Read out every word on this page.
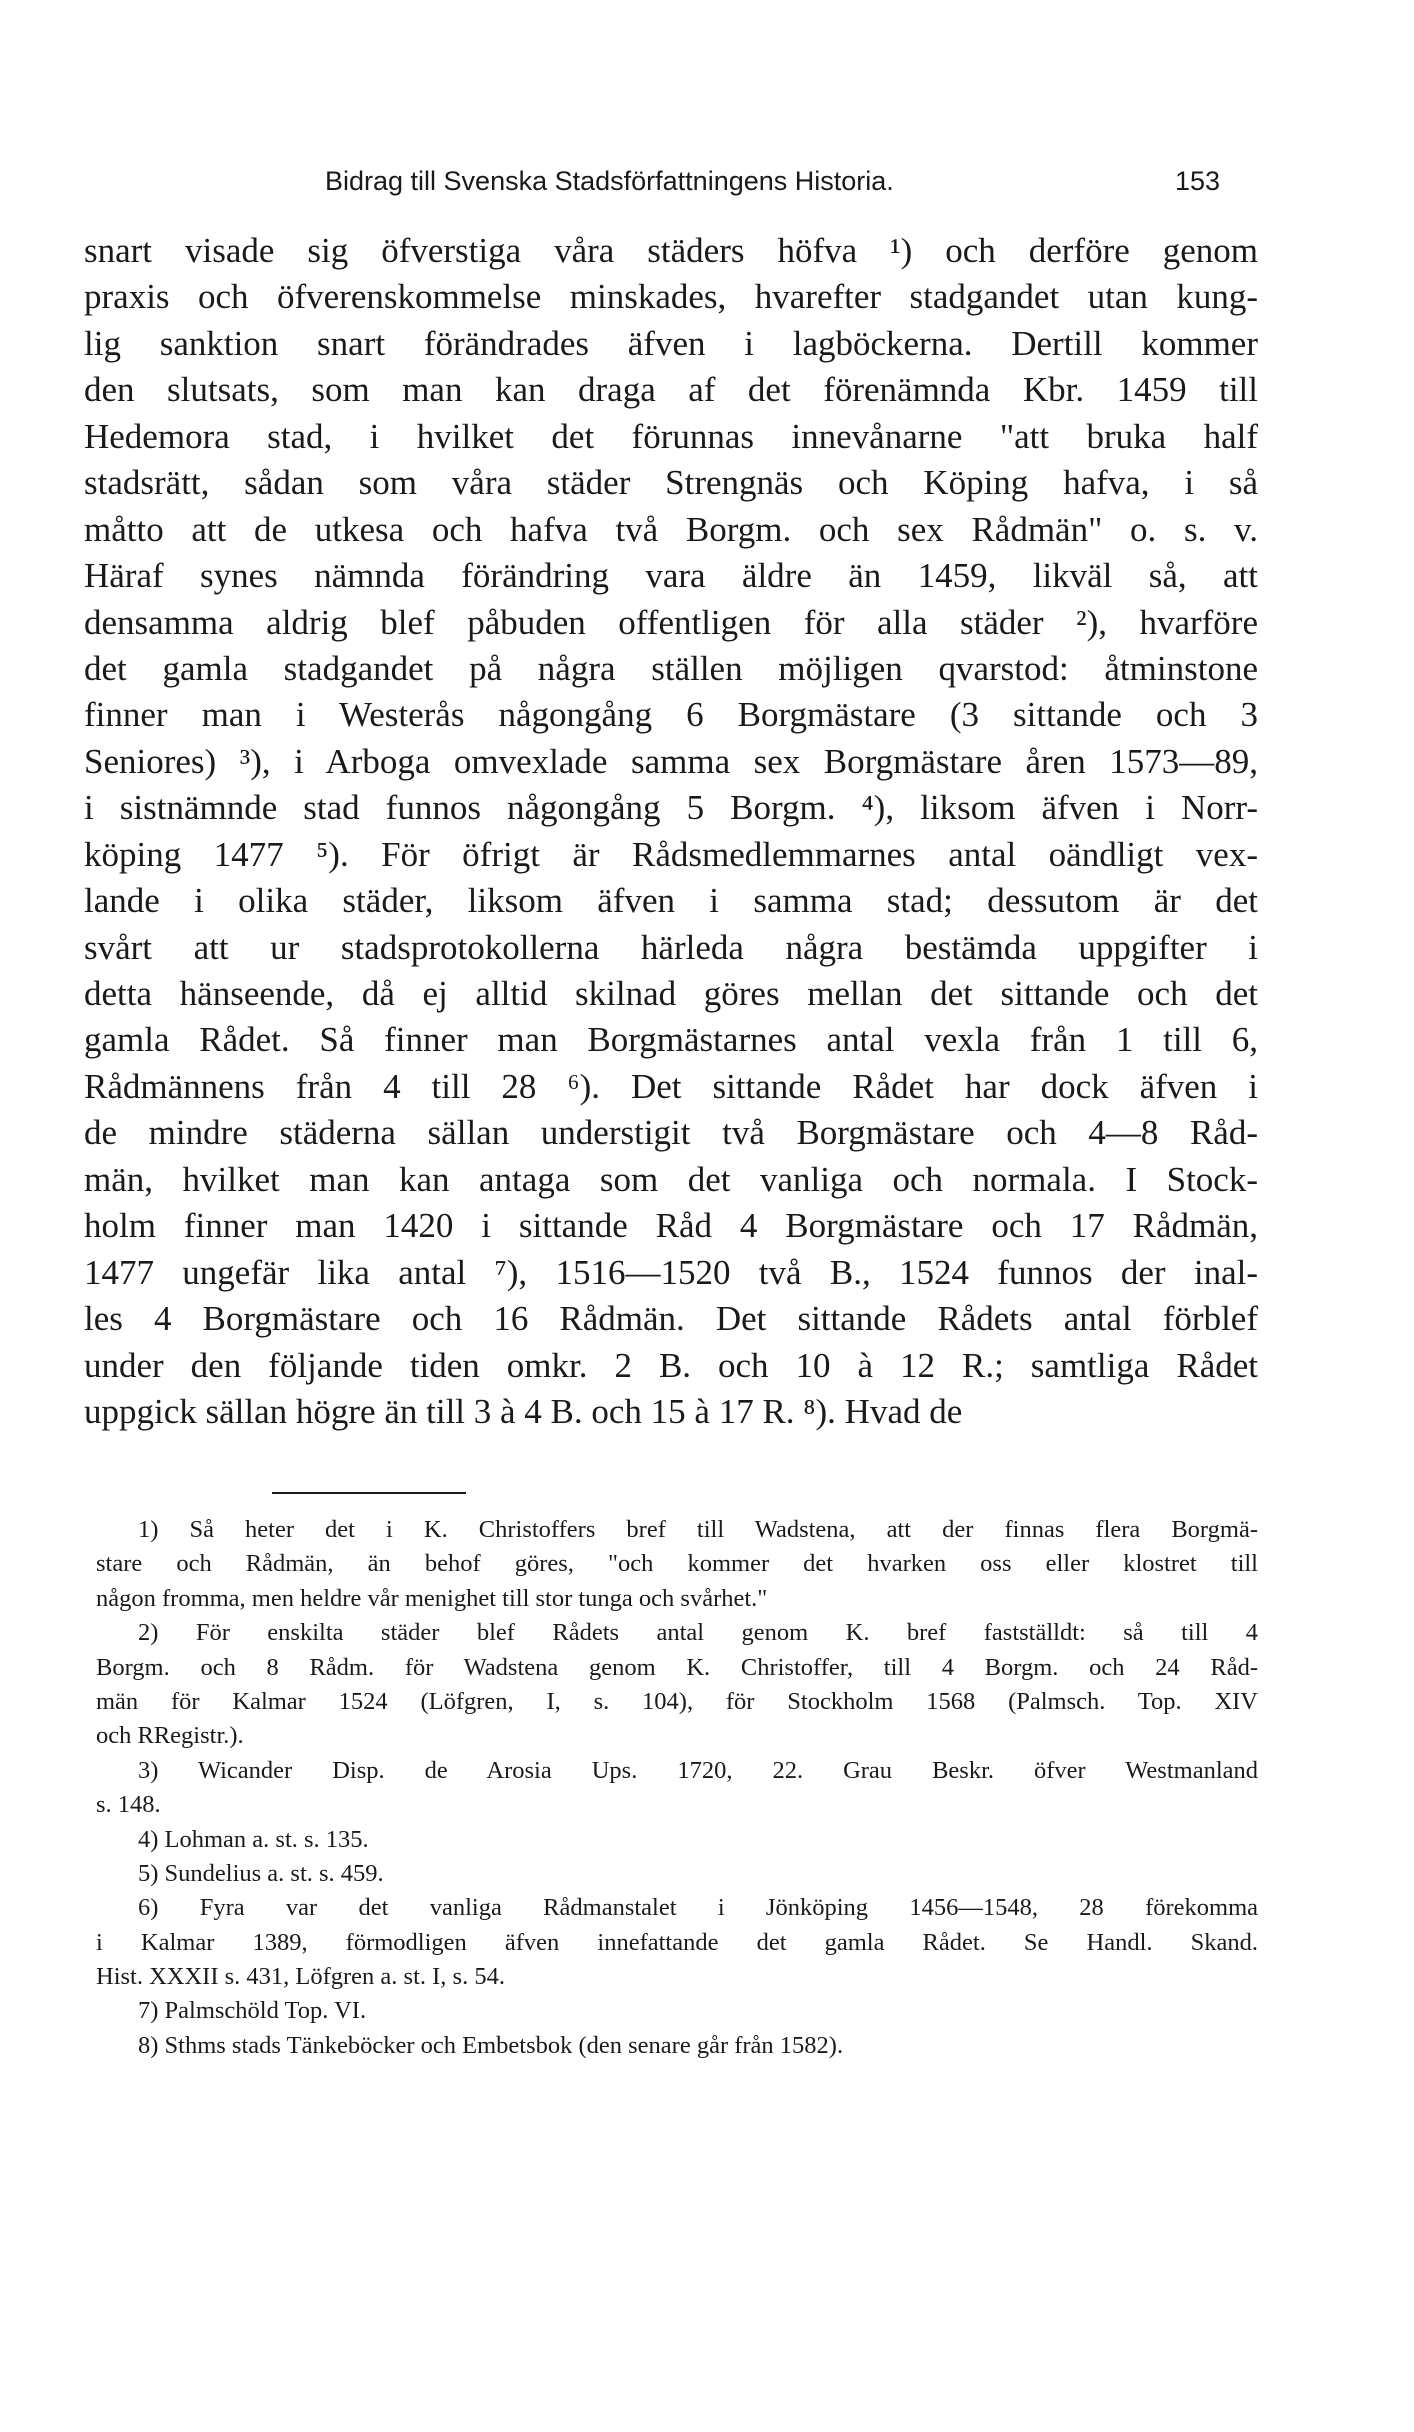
Bidrag till Svenska Stadsförfattningens Historia.	153
snart visade sig öfverstiga våra städers höfva ¹) och derföre genom
praxis och öfverenskommelse minskades, hvarefter stadgandet utan kung-
lig sanktion snart förändrades äfven i lagböckerna. Dertill kommer
den slutsats, som man kan draga af det förenämnda Kbr. 1459 till
Hedemora stad, i hvilket det förunnas innevånarne "att bruka half
stadsrätt, sådan som våra städer Strengnäs och Köping hafva, i så
måtto att de utkesa och hafva två Borgm. och sex Rådmän" o. s. v.
Häraf synes nämnda förändring vara äldre än 1459, likväl så, att
densamma aldrig blef påbuden offentligen för alla städer ²), hvarföre
det gamla stadgandet på några ställen möjligen qvarstod: åtminstone
finner man i Westerås någongång 6 Borgmästare (3 sittande och 3
Seniores) ³), i Arboga omvexlade samma sex Borgmästare åren 1573—89,
i sistnämnde stad funnos någongång 5 Borgm. ⁴), liksom äfven i Norr-
köping 1477 ⁵). För öfrigt är Rådsmedlemmarnes antal oändligt vex-
lande i olika städer, liksom äfven i samma stad; dessutom är det
svårt att ur stadsprotokollerna härleda några bestämda uppgifter i
detta hänseende, då ej alltid skilnad göres mellan det sittande och det
gamla Rådet. Så finner man Borgmästarnes antal vexla från 1 till 6,
Rådmännens från 4 till 28 ⁶). Det sittande Rådet har dock äfven i
de mindre städerna sällan understigit två Borgmästare och 4—8 Råd-
män, hvilket man kan antaga som det vanliga och normala. I Stock-
holm finner man 1420 i sittande Råd 4 Borgmästare och 17 Rådmän,
1477 ungefär lika antal ⁷), 1516—1520 två B., 1524 funnos der inal-
les 4 Borgmästare och 16 Rådmän. Det sittande Rådets antal förblef
under den följande tiden omkr. 2 B. och 10 à 12 R.; samtliga Rådet
uppgick sällan högre än till 3 à 4 B. och 15 à 17 R. ⁸). Hvad de
1) Så heter det i K. Christoffers bref till Wadstena, att der finnas flera Borgmä-
stare och Rådmän, än behof göres, "och kommer det hvarken oss eller klostret till
någon fromma, men heldre vår menighet till stor tunga och svårhet."
2) För enskilta städer blef Rådets antal genom K. bref fastställdt: så till 4
Borgm. och 8 Rådm. för Wadstena genom K. Christoffer, till 4 Borgm. och 24 Råd-
män för Kalmar 1524 (Löfgren, I, s. 104), för Stockholm 1568 (Palmsch. Top. XIV
och RRegistr.).
3) Wicander Disp. de Arosia Ups. 1720, 22. Grau Beskr. öfver Westmanland
s. 148.
4) Lohman a. st. s. 135.
5) Sundelius a. st. s. 459.
6) Fyra var det vanliga Rådmanstalet i Jönköping 1456—1548, 28 förekomma
i Kalmar 1389, förmodligen äfven innefattande det gamla Rådet. Se Handl. Skand.
Hist. XXXII s. 431, Löfgren a. st. I, s. 54.
7) Palmschöld Top. VI.
8) Sthms stads Tänkeböcker och Embetsbok (den senare går från 1582).
